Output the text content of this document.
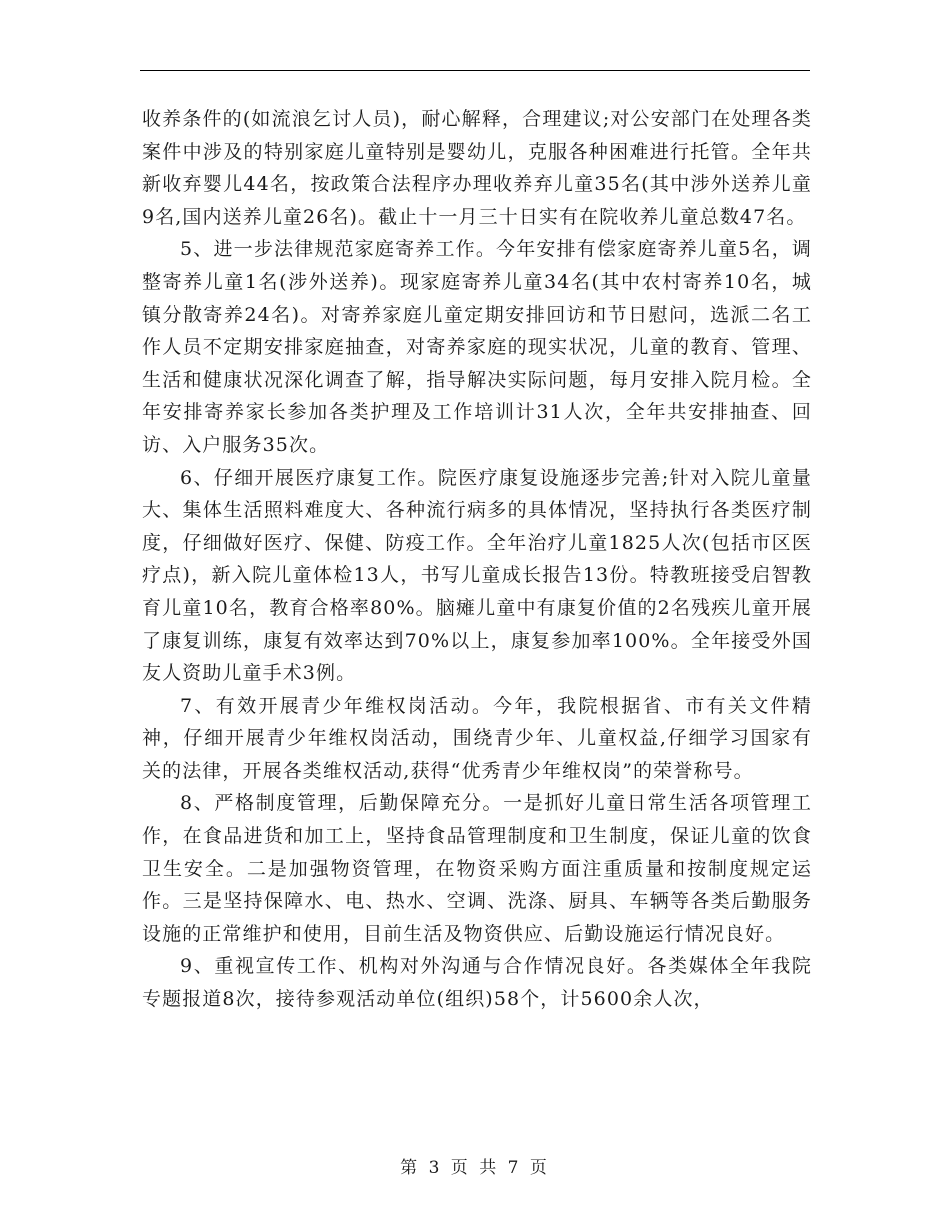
收养条件的(如流浪乞讨人员)，耐心解释，合理建议;对公安部门在处理各类案件中涉及的特别家庭儿童特别是婴幼儿，克服各种困难进行托管。全年共新收弃婴儿44名，按政策合法程序办理收养弃儿童35名(其中涉外送养儿童9名,国内送养儿童26名)。截止十一月三十日实有在院收养儿童总数47名。

5、进一步法律规范家庭寄养工作。今年安排有偿家庭寄养儿童5名，调整寄养儿童1名(涉外送养)。现家庭寄养儿童34名(其中农村寄养10名，城镇分散寄养24名)。对寄养家庭儿童定期安排回访和节日慰问，选派二名工作人员不定期安排家庭抽查，对寄养家庭的现实状况，儿童的教育、管理、生活和健康状况深化调查了解，指导解决实际问题，每月安排入院月检。全年安排寄养家长参加各类护理及工作培训计31人次，全年共安排抽查、回访、入户服务35次。

6、仔细开展医疗康复工作。院医疗康复设施逐步完善;针对入院儿童量大、集体生活照料难度大、各种流行病多的具体情况，坚持执行各类医疗制度，仔细做好医疗、保健、防疫工作。全年治疗儿童1825人次(包括市区医疗点)，新入院儿童体检13人，书写儿童成长报告13份。特教班接受启智教育儿童10名，教育合格率80%。脑瘫儿童中有康复价值的2名残疾儿童开展了康复训练，康复有效率达到70%以上，康复参加率100%。全年接受外国友人资助儿童手术3例。

7、有效开展青少年维权岗活动。今年，我院根据省、市有关文件精神，仔细开展青少年维权岗活动，围绕青少年、儿童权益,仔细学习国家有关的法律，开展各类维权活动,获得“优秀青少年维权岗”的荣誉称号。

8、严格制度管理，后勤保障充分。一是抓好儿童日常生活各项管理工作，在食品进货和加工上，坚持食品管理制度和卫生制度，保证儿童的饮食卫生安全。二是加强物资管理，在物资采购方面注重质量和按制度规定运作。三是坚持保障水、电、热水、空调、洗涤、厨具、车辆等各类后勤服务设施的正常维护和使用，目前生活及物资供应、后勤设施运行情况良好。

9、重视宣传工作、机构对外沟通与合作情况良好。各类媒体全年我院专题报道8次，接待参观活动单位(组织)58个，计5600余人次，

第 3 页 共 7 页
